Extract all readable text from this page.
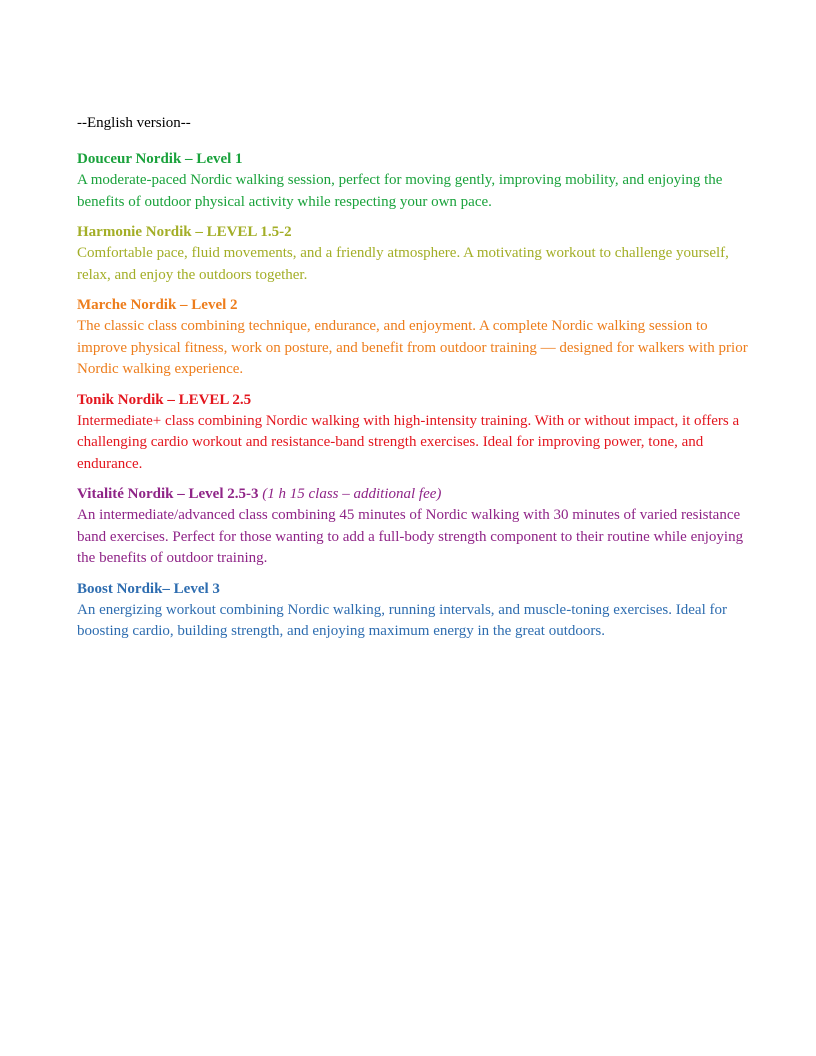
--English version--

Douceur Nordik – Level 1

A moderate-paced Nordic walking session, perfect for moving gently, improving mobility, and enjoying the benefits of outdoor physical activity while respecting your own pace.

Harmonie Nordik – LEVEL 1.5-2

Comfortable pace, fluid movements, and a friendly atmosphere. A motivating workout to challenge yourself, relax, and enjoy the outdoors together.

Marche Nordik – Level 2

The classic class combining technique, endurance, and enjoyment. A complete Nordic walking session to improve physical fitness, work on posture, and benefit from outdoor training — designed for walkers with prior Nordic walking experience.

Tonik Nordik – LEVEL 2.5

Intermediate+ class combining Nordic walking with high-intensity training. With or without impact, it offers a challenging cardio workout and resistance-band strength exercises. Ideal for improving power, tone, and endurance.

Vitalité Nordik – Level 2.5-3 (1 h 15 class – additional fee)

An intermediate/advanced class combining 45 minutes of Nordic walking with 30 minutes of varied resistance band exercises. Perfect for those wanting to add a full-body strength component to their routine while enjoying the benefits of outdoor training.

Boost Nordik– Level 3

An energizing workout combining Nordic walking, running intervals, and muscle-toning exercises. Ideal for boosting cardio, building strength, and enjoying maximum energy in the great outdoors.
